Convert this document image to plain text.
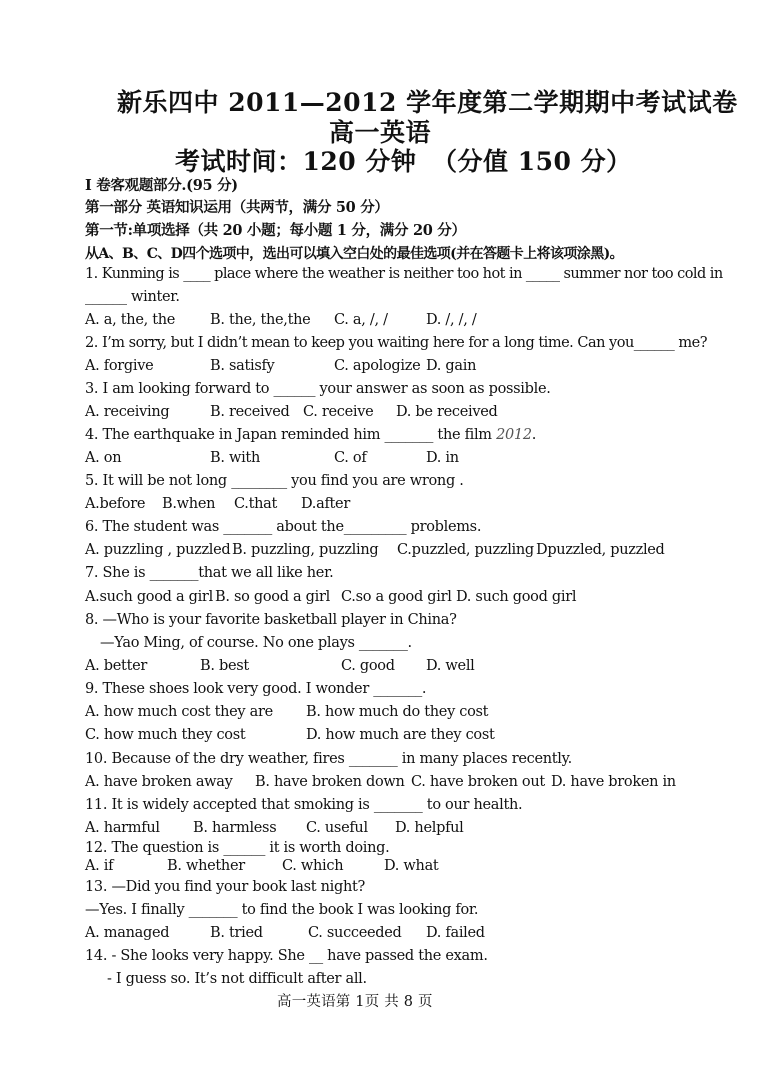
新乐四中 2011—2012 学年度第二学期期中考试试卷
高一英语
考试时间：120 分钟 （分值 150 分）
I 卷客观题部分.(95 分)
第一部分 英语知识运用（共两节，满分 50 分）
第一节:单项选择（共 20 小题；每小题 1 分，满分 20 分）
从A、B、C、D四个选项中，选出可以填入空白处的最佳选项(并在答题卡上将该项涂黑)。
1. Kunming is ____ place where the weather is neither too hot in _____ summer nor too cold in
______ winter.
A. a, the, the B. the, the,the C. a, /, /	D. /, /, /
2. I’m sorry, but I didn’t mean to keep you waiting here for a long time. Can you______ me?
A. forgive	B. satisfy	C. apologize D. gain
3. I am looking forward to ______ your answer as soon as possible.
A. receiving	B. received C. receive D. be received
4. The earthquake in Japan reminded him _______ the film 2012.
A. on	B. with	C. of	D. in
5. It will be not long ________ you find you are wrong .
A.before B.when C.that D.after
6. The student was _______ about the_________ problems.
A. puzzling , puzzled B. puzzling, puzzling C.puzzled, puzzling Dpuzzled, puzzled
7. She is _______that we all like her.
A.such good a girl B. so good a girl C.so a good girl D. such good girl
8. —Who is your favorite basketball player in China?
—Yao Ming, of course. No one plays _______.
A. better	B. best	C. good D. well
9. These shoes look very good. I wonder _______.
A. how much cost they are B. how much do they cost
C. how much they cost	D. how much are they cost
10. Because of the dry weather, fires _______ in many places recently.
A. have broken away B. have broken down C. have broken out D. have broken in
11. It is widely accepted that smoking is _______ to our health.
A. harmful B. harmless C. useful D. helpful
12. The question is ______ it is worth doing.
A. if	B. whether	C. which	D. what
13. —Did you find your book last night?
—Yes. I finally _______ to find the book I was looking for.
A. managed	B. tried	C. succeeded D. failed
14. - She looks very happy. She __ have passed the exam.
- I guess so. It’s not difficult after all.
高一英语第 1页 共 8 页
